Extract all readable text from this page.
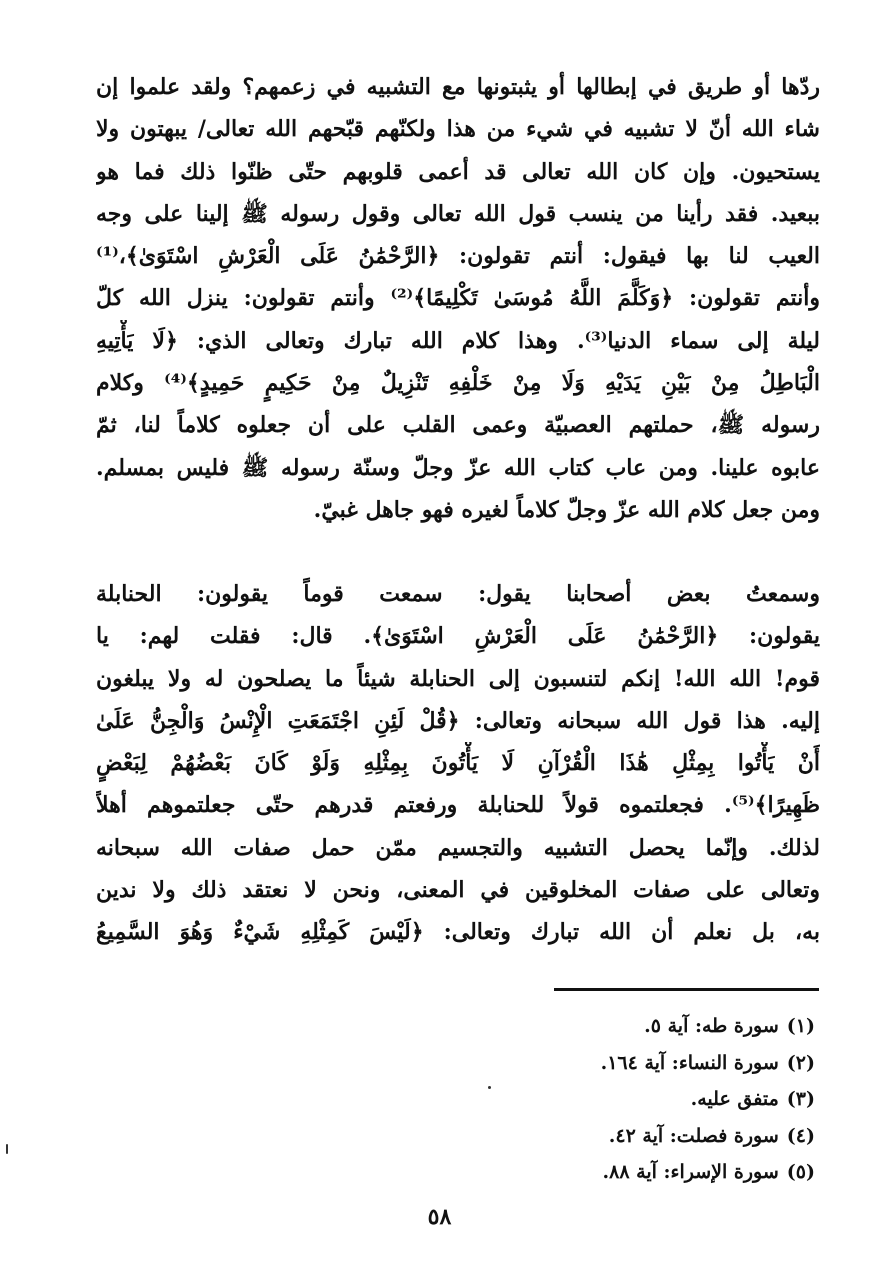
ردّها أو طريق في إبطالها أو يثبتونها مع التشبيه في زعمهم؟ ولقد علموا إن
شاء الله أنّ لا تشبيه في شيء من هذا ولكنّهم قبّحهم الله تعالى/ يبهتون ولا
يستحيون. وإن كان الله تعالى قد أعمى قلوبهم حتّى ظنّوا ذلك فما هو
ببعيد. فقد رأينا من ينسب قول الله تعالى وقول رسوله ﷺ إلينا على وجه
العيب لنا بها فيقول: أنتم تقولون: ﴿الرَّحْمَٰنُ عَلَى الْعَرْشِ اسْتَوَىٰ﴾،⁽¹⁾
وأنتم تقولون: ﴿وَكَلَّمَ اللَّهُ مُوسَىٰ تَكْلِيمًا﴾⁽²⁾ وأنتم تقولون: ينزل الله كلّ
ليلة إلى سماء الدنيا⁽³⁾. وهذا كلام الله تبارك وتعالى الذي: ﴿لَا يَأْتِيهِ
الْبَاطِلُ مِنْ بَيْنِ يَدَيْهِ وَلَا مِنْ خَلْفِهِ تَنْزِيلٌ مِنْ حَكِيمٍ حَمِيدٍ﴾⁽⁴⁾ وكلام
رسوله ﷺ، حملتهم العصبيّة وعمى القلب على أن جعلوه كلاماً لنا، ثمّ
عابوه علينا. ومن عاب كتاب الله عزّ وجلّ وسنّة رسوله ﷺ فليس بمسلم.
ومن جعل كلام الله عزّ وجلّ كلاماً لغيره فهو جاهل غبيّ.
وسمعتُ بعض أصحابنا يقول: سمعت قوماً يقولون: الحنابلة
يقولون: ﴿الرَّحْمَٰنُ عَلَى الْعَرْشِ اسْتَوَىٰ﴾. قال: فقلت لهم: يا
قوم! الله الله! إنكم لتنسبون إلى الحنابلة شيئاً ما يصلحون له ولا يبلغون
إليه. هذا قول الله سبحانه وتعالى: ﴿قُلْ لَئِنِ اجْتَمَعَتِ الْإِنْسُ وَالْجِنُّ عَلَىٰ
أَنْ يَأْتُوا بِمِثْلِ هَٰذَا الْقُرْآنِ لَا يَأْتُونَ بِمِثْلِهِ وَلَوْ كَانَ بَعْضُهُمْ لِبَعْضٍ
ظَهِيرًا﴾⁽⁵⁾. فجعلتموه قولاً للحنابلة ورفعتم قدرهم حتّى جعلتموهم أهلاً
لذلك. وإنّما يحصل التشبيه والتجسيم ممّن حمل صفات الله سبحانه
وتعالى على صفات المخلوقين في المعنى، ونحن لا نعتقد ذلك ولا ندين
به، بل نعلم أن الله تبارك وتعالى: ﴿لَيْسَ كَمِثْلِهِ شَيْءٌ وَهُوَ السَّمِيعُ
(١)سورة طه: آية ٥.
(٢)سورة النساء: آية ١٦٤.
(٣)متفق عليه.
(٤)سورة فصلت: آية ٤٢.
(٥)سورة الإسراء: آية ٨٨.
٥٨
